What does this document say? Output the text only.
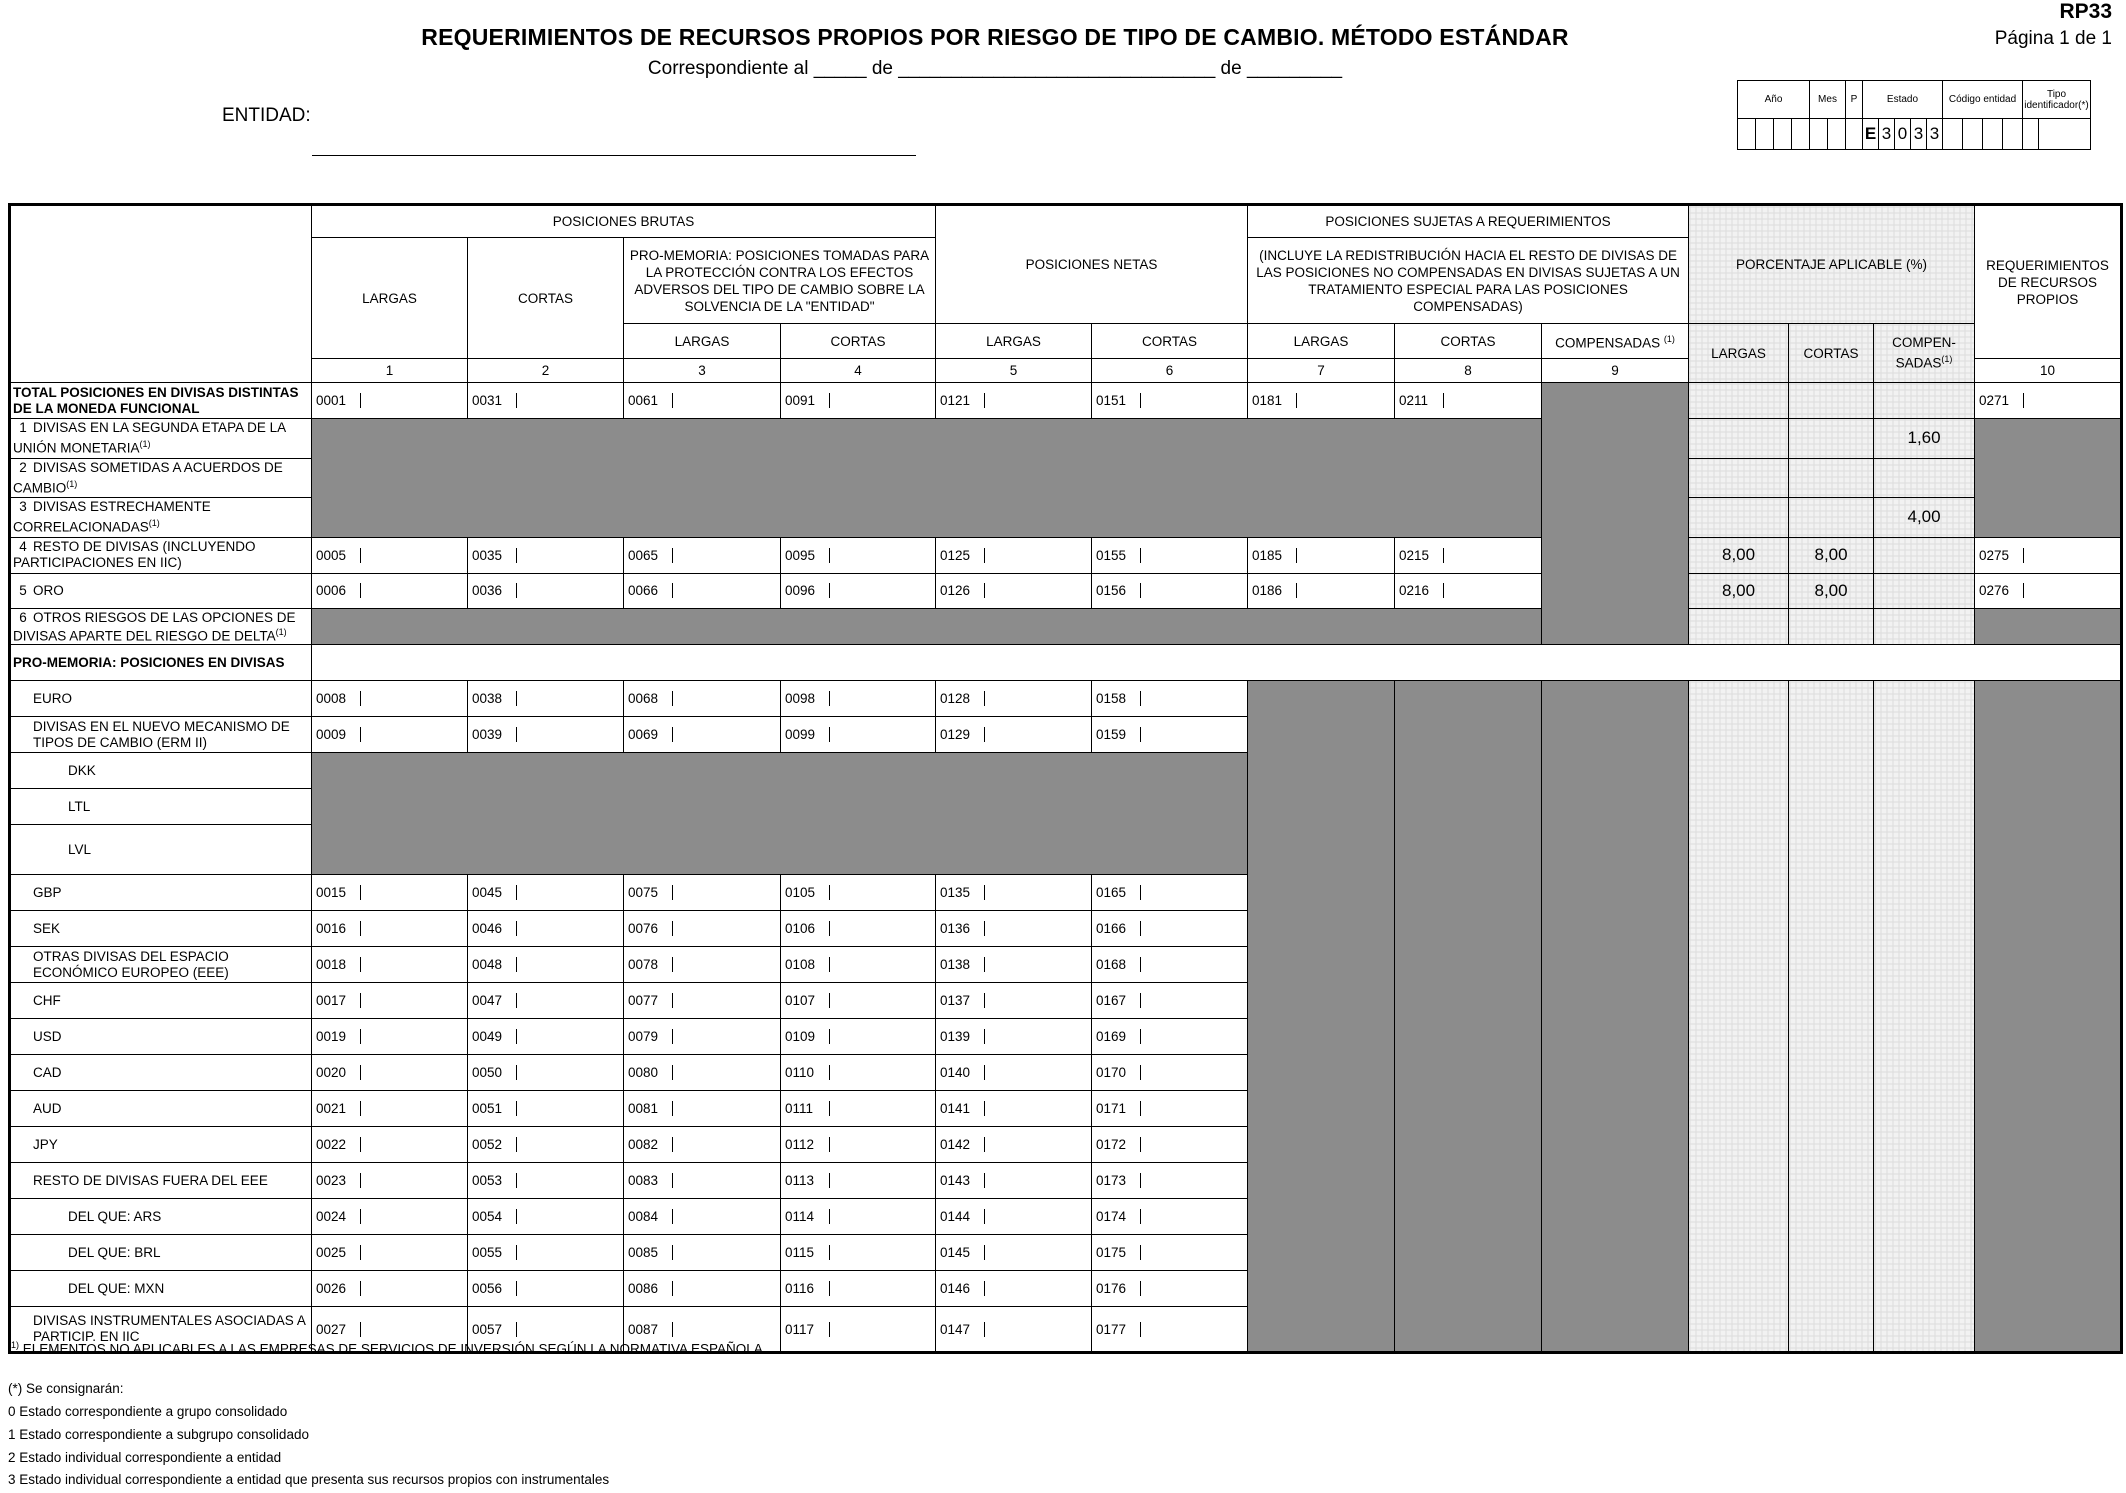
RP33
Página 1 de 1
REQUERIMIENTOS DE RECURSOS PROPIOS POR RIESGO DE TIPO DE CAMBIO. MÉTODO ESTÁNDAR
Correspondiente al _____ de ______________________________ de _________
ENTIDAD:
Año				Mes		P	Estado					Código entidad				Tipo identificador(*)	
							E	3	0	3	3						
	POSICIONES BRUTAS				POSICIONES NETAS		POSICIONES SUJETAS A REQUERIMIENTOS			PORCENTAJE APLICABLE (%)			REQUERIMIENTOS DE RECURSOS PROPIOS
	LARGAS	CORTAS	PRO-MEMORIA: POSICIONES TOMADAS PARA LA PROTECCIÓN CONTRA LOS EFECTOS ADVERSOS DEL TIPO DE CAMBIO SOBRE LA SOLVENCIA DE LA "ENTIDAD"				(INCLUYE LA REDISTRIBUCIÓN HACIA EL RESTO DE DIVISAS DE LAS POSICIONES NO COMPENSADAS EN DIVISAS SUJETAS A UN TRATAMIENTO ESPECIAL PARA LAS POSICIONES COMPENSADAS)						
			LARGAS	CORTAS	LARGAS	CORTAS	LARGAS	CORTAS	COMPENSADAS $^{(1)}$	LARGAS	CORTAS	COMPEN-
SADAS$^{(1)}$
	1	2	3	4	5	6	7	8	9				10
TOTAL POSICIONES EN DIVISAS DISTINTAS DE LA MONEDA FUNCIONAL	0001	0031	0061	0091	0121	0151	0181	0211					0271

1 DIVISAS EN LA SEGUNDA ETAPA DE LA UNIÓN MONETARIA$^{(1)}$												1,60	
2 DIVISAS SOMETIDAS A ACUERDOS DE CAMBIO$^{(1)}$			
3 DIVISAS ESTRECHAMENTE CORRELACIONADAS$^{(1)}$												4,00	
4 RESTO DE DIVISAS (INCLUYENDO PARTICIPACIONES EN IIC)	0005	0035	0065	0095	0125	0155	0185	0215		8,00	8,00		0275

5 ORO	0006	0036	0066	0096	0126	0156	0186	0216		8,00	8,00		0276

6 OTROS RIESGOS DE LAS OPCIONES DE DIVISAS APARTE DEL RIESGO DE DELTA$^{(1)}$					
PRO-MEMORIA: POSICIONES EN DIVISAS													
EURO	0008	0038	0068	0098	0128	0158							

DIVISAS EN EL NUEVO MECANISMO DE TIPOS DE CAMBIO (ERM II)	0009	0039	0069	0099	0129	0159							

DKK													
LTL													
LVL													
GBP	0015	0045	0075	0105	0135	0165							

SEK	0016	0046	0076	0106	0136	0166							

OTRAS DIVISAS DEL ESPACIO ECONÓMICO EUROPEO (EEE)	0018	0048	0078	0108	0138	0168							

CHF	0017	0047	0077	0107	0137	0167							

USD	0019	0049	0079	0109	0139	0169							

CAD	0020	0050	0080	0110	0140	0170							

AUD	0021	0051	0081	0111	0141	0171							

JPY	0022	0052	0082	0112	0142	0172							

RESTO DE DIVISAS FUERA DEL EEE	0023	0053	0083	0113	0143	0173							

DEL QUE: ARS	0024	0054	0084	0114	0144	0174							

DEL QUE: BRL	0025	0055	0085	0115	0145	0175							

DEL QUE: MXN	0026	0056	0086	0116	0146	0176							

DIVISAS INSTRUMENTALES ASOCIADAS A PARTICIP. EN IIC	0027	0057	0087	0117	0147	0177							
$^{(1)}$ ELEMENTOS NO APLICABLES A LAS EMPRESAS DE SERVICIOS DE INVERSIÓN SEGÚN LA NORMATIVA ESPAÑOLA
(*) Se consignarán:
0 Estado correspondiente a grupo consolidado
1 Estado correspondiente a subgrupo consolidado
2 Estado individual correspondiente a entidad
3 Estado individual correspondiente a entidad que presenta sus recursos propios con instrumentales
